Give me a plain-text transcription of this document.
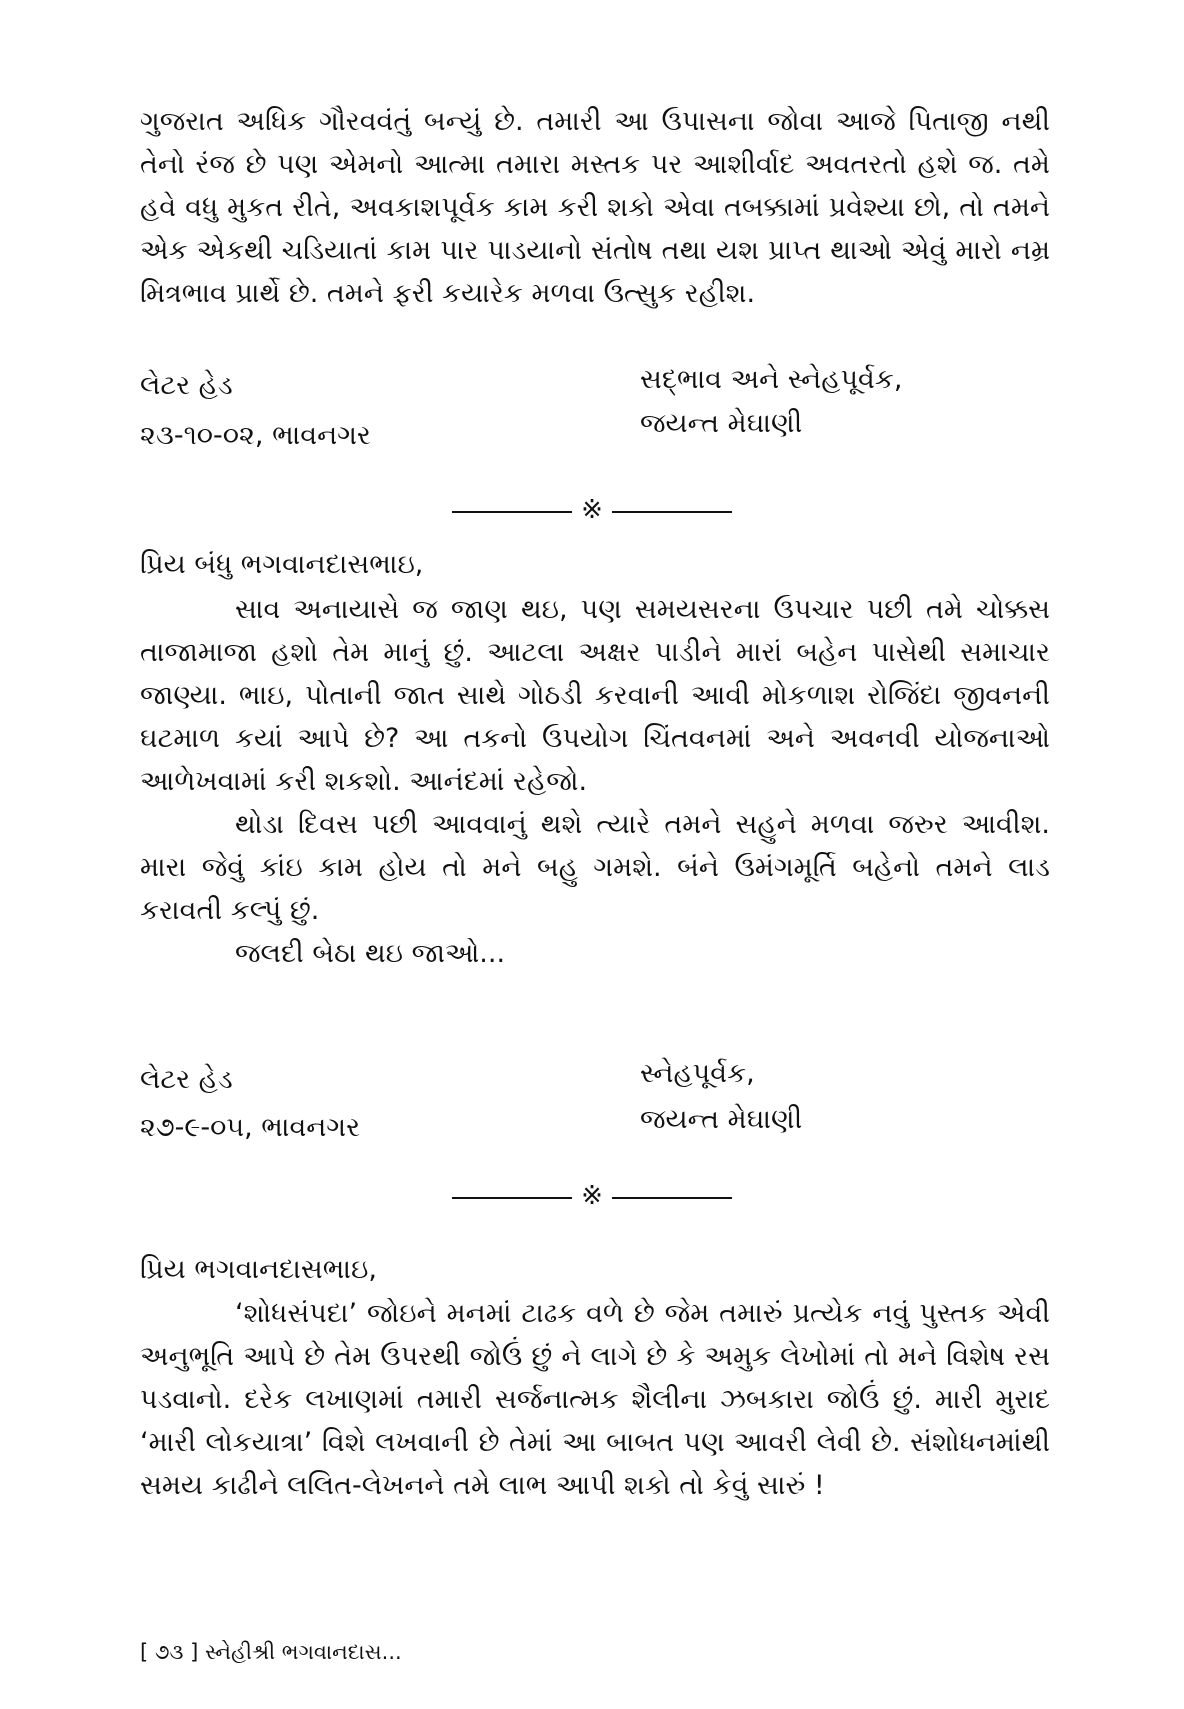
ગુજરાત અધિક ગૌરવવંતું બન્યું છે. તમારી આ ઉપાસના જોવા આજે પિતાજી નથી તેનો રંજ છે પણ એમનો આત્મા તમારા મસ્તક પર આશીર્વાદ અવતરતો હશે જ. તમે હવે વધુ મુકત રીતે, અવકાશપૂર્વક કામ કરી શકો એવા તબક્કામાં પ્રવેશ્યા છો, તો તમને એક એકથી ચડિયાતાં કામ પાર પાડયાનો સંતોષ તથા યશ પ્રાપ્ત થાઓ એવું મારો નમ્ર મિત્રભાવ પ્રાર્થે છે. તમને ફરી કયારેક મળવા ઉત્સુક રહીશ.

લેટર હેડ
૨૩-૧૦-૦૨, ભાવનગર
સદ્‌ભાવ અને સ્નેહપૂર્વક,
જયન્ત મેઘાણી
※
પ્રિય બંધુ ભગવાનદાસભાઇ,

સાવ અનાયાસે જ જાણ થઇ, પણ સમયસરના ઉપચાર પછી તમે ચોક્કસ તાજામાજા હશો તેમ માનું છું. આટલા અક્ષર પાડીને મારાં બહેન પાસેથી સમાચાર જાણ્યા. ભાઇ, પોતાની જાત સાથે ગોઠડી કરવાની આવી મોકળાશ રોજિંદા જીવનની ઘટમાળ કયાં આપે છે? આ તકનો ઉપયોગ ચિંતવનમાં અને અવનવી યોજનાઓ આળેખવામાં કરી શકશો. આનંદમાં રહેજો.

થોડા દિવસ પછી આવવાનું થશે ત્યારે તમને સહુને મળવા જરુર આવીશ. મારા જેવું કાંઇ કામ હોય તો મને બહુ ગમશે. બંને ઉમંગમૂર્તિ બહેનો તમને લાડ કરાવતી કલ્પું છું.

જલદી બેઠા થઇ જાઓ...

લેટર હેડ
૨૭-૯-૦૫, ભાવનગર
સ્નેહપૂર્વક,
જયન્ત મેઘાણી
※
પ્રિય ભગવાનદાસભાઇ,

‘શોધસંપદા’ જોઇને મનમાં ટાઢક વળે છે જેમ તમારું પ્રત્યેક નવું પુસ્તક એવી અનુભૂતિ આપે છે તેમ ઉપરથી જોઉં છું ને લાગે છે કે અમુક લેખોમાં તો મને વિશેષ રસ પડવાનો. દરેક લખાણમાં તમારી સર્જનાત્મક શૈલીના ઝબકારા જોઉં છું. મારી મુરાદ ‘મારી લોકયાત્રા’ વિશે લખવાની છે તેમાં આ બાબત પણ આવરી લેવી છે. સંશોધનમાંથી સમય કાઢીને લલિત-લેખનને તમે લાભ આપી શકો તો કેવું સારું !

[ ૭૩ ] સ્નેહીશ્રી ભગવાનદાસ...
